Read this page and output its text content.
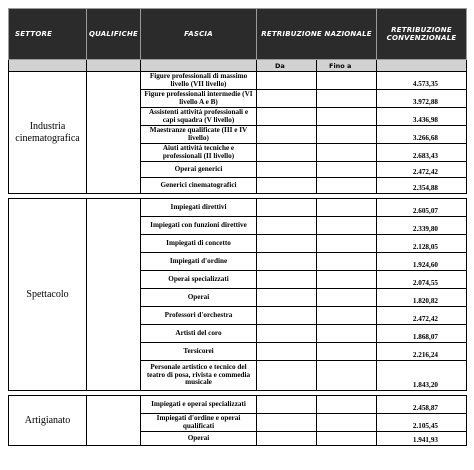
SETTORE	QUALIFICHE	FASCIA	RETRIBUZIONE NAZIONALE		RETRIBUZIONE CONVENZIONALE
			Da	Fino a	
Industria cinematografica		Figure professionali di massimo livello (VII livello)			4.573,35
		Figure professionali intermedie (VI livello A e B)			3.972,88
		Assistenti attività professionali e capi squadra (V livello)			3.436,98
		Maestranze qualificate (III e IV livello)			3.266,68
		Aiuti attività tecniche e professionali (II livello)			2.683,43
		Operai generici			2.472,42
		Generici cinematografici			2.354,88

Spettacolo		Impiegati direttivi			2.605,07
		Impiegati con funzioni direttive			2.339,80
		Impiegati di concetto			2.128,05
		Impiegati d'ordine			1.924,60
		Operai specializzati			2.074,55
		Operai			1.820,82
		Professori d'orchestra			2.472,42
		Artisti del coro			1.868,07
		Tersicorei			2.216,24
		Personale artistico e tecnico del teatro di posa, rivista e commedia musicale			1.843,20

Artigianato		Impiegati e operai specializzati			2.458,87
		Impiegati d'ordine e operai qualificati			2.105,45
		Operai			1.941,93
